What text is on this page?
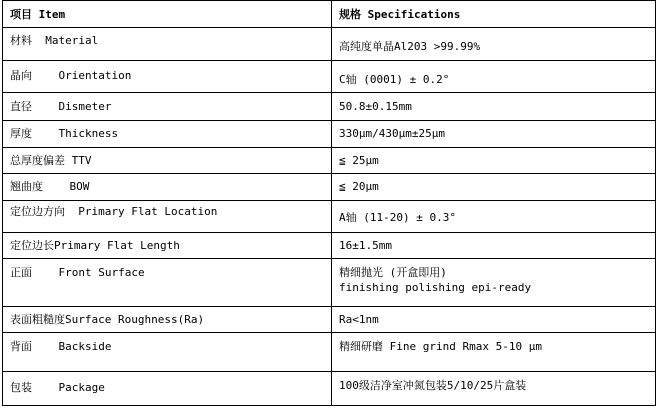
项目 Item	规格 Specifications

材料  Material	高纯度单晶Al203 >99.99%

晶向    Orientation	C轴 (0001) ± 0.2°

直径    Dismeter	50.8±0.15mm

厚度    Thickness	330μm/430μm±25μm

总厚度偏差 TTV	≦ 25μm

翘曲度    BOW	≦ 20μm

定位边方向  Primary Flat Location	A轴 (11-20) ± 0.3°

定位边长Primary Flat Length	16±1.5mm

正面    Front Surface	精细抛光 (开盒即用)
finishing polishing epi-ready

表面粗糙度Surface Roughness(Ra)	Ra<1nm

背面    Backside	精细研磨 Fine grind Rmax 5-10 μm

包装    Package	100级洁净室冲氮包装5/10/25片盒装
